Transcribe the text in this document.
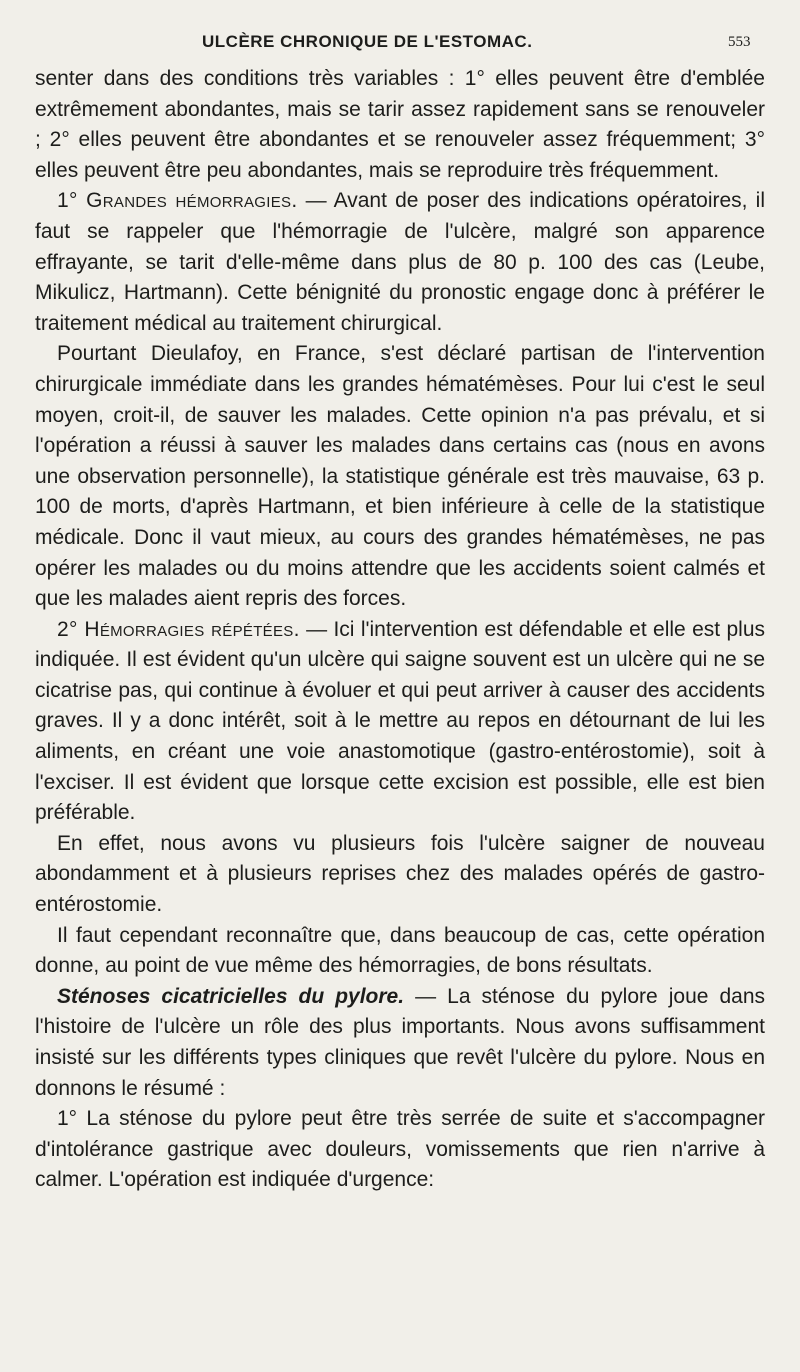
ULCÈRE CHRONIQUE DE L'ESTOMAC.	553

senter dans des conditions très variables : 1° elles peuvent être d'emblée extrêmement abondantes, mais se tarir assez rapidement sans se renouveler ; 2° elles peuvent être abondantes et se renouveler assez fréquemment; 3° elles peuvent être peu abondantes, mais se reproduire très fréquemment.

1° Grandes hémorragies. — Avant de poser des indications opératoires, il faut se rappeler que l'hémorragie de l'ulcère, malgré son apparence effrayante, se tarit d'elle-même dans plus de 80 p. 100 des cas (Leube, Mikulicz, Hartmann). Cette bénignité du pronostic engage donc à préférer le traitement médical au traitement chirurgical.

Pourtant Dieulafoy, en France, s'est déclaré partisan de l'intervention chirurgicale immédiate dans les grandes hématémèses. Pour lui c'est le seul moyen, croit-il, de sauver les malades. Cette opinion n'a pas prévalu, et si l'opération a réussi à sauver les malades dans certains cas (nous en avons une observation personnelle), la statistique générale est très mauvaise, 63 p. 100 de morts, d'après Hartmann, et bien inférieure à celle de la statistique médicale. Donc il vaut mieux, au cours des grandes hématémèses, ne pas opérer les malades ou du moins attendre que les accidents soient calmés et que les malades aient repris des forces.

2° Hémorragies répétées. — Ici l'intervention est défendable et elle est plus indiquée. Il est évident qu'un ulcère qui saigne souvent est un ulcère qui ne se cicatrise pas, qui continue à évoluer et qui peut arriver à causer des accidents graves. Il y a donc intérêt, soit à le mettre au repos en détournant de lui les aliments, en créant une voie anastomotique (gastro-entérostomie), soit à l'exciser. Il est évident que lorsque cette excision est possible, elle est bien préférable.

En effet, nous avons vu plusieurs fois l'ulcère saigner de nouveau abondamment et à plusieurs reprises chez des malades opérés de gastro-entérostomie.

Il faut cependant reconnaître que, dans beaucoup de cas, cette opération donne, au point de vue même des hémorragies, de bons résultats.

Sténoses cicatricielles du pylore. — La sténose du pylore joue dans l'histoire de l'ulcère un rôle des plus importants. Nous avons suffisamment insisté sur les différents types cliniques que revêt l'ulcère du pylore. Nous en donnons le résumé :

1° La sténose du pylore peut être très serrée de suite et s'accompagner d'intolérance gastrique avec douleurs, vomissements que rien n'arrive à calmer. L'opération est indiquée d'urgence:
